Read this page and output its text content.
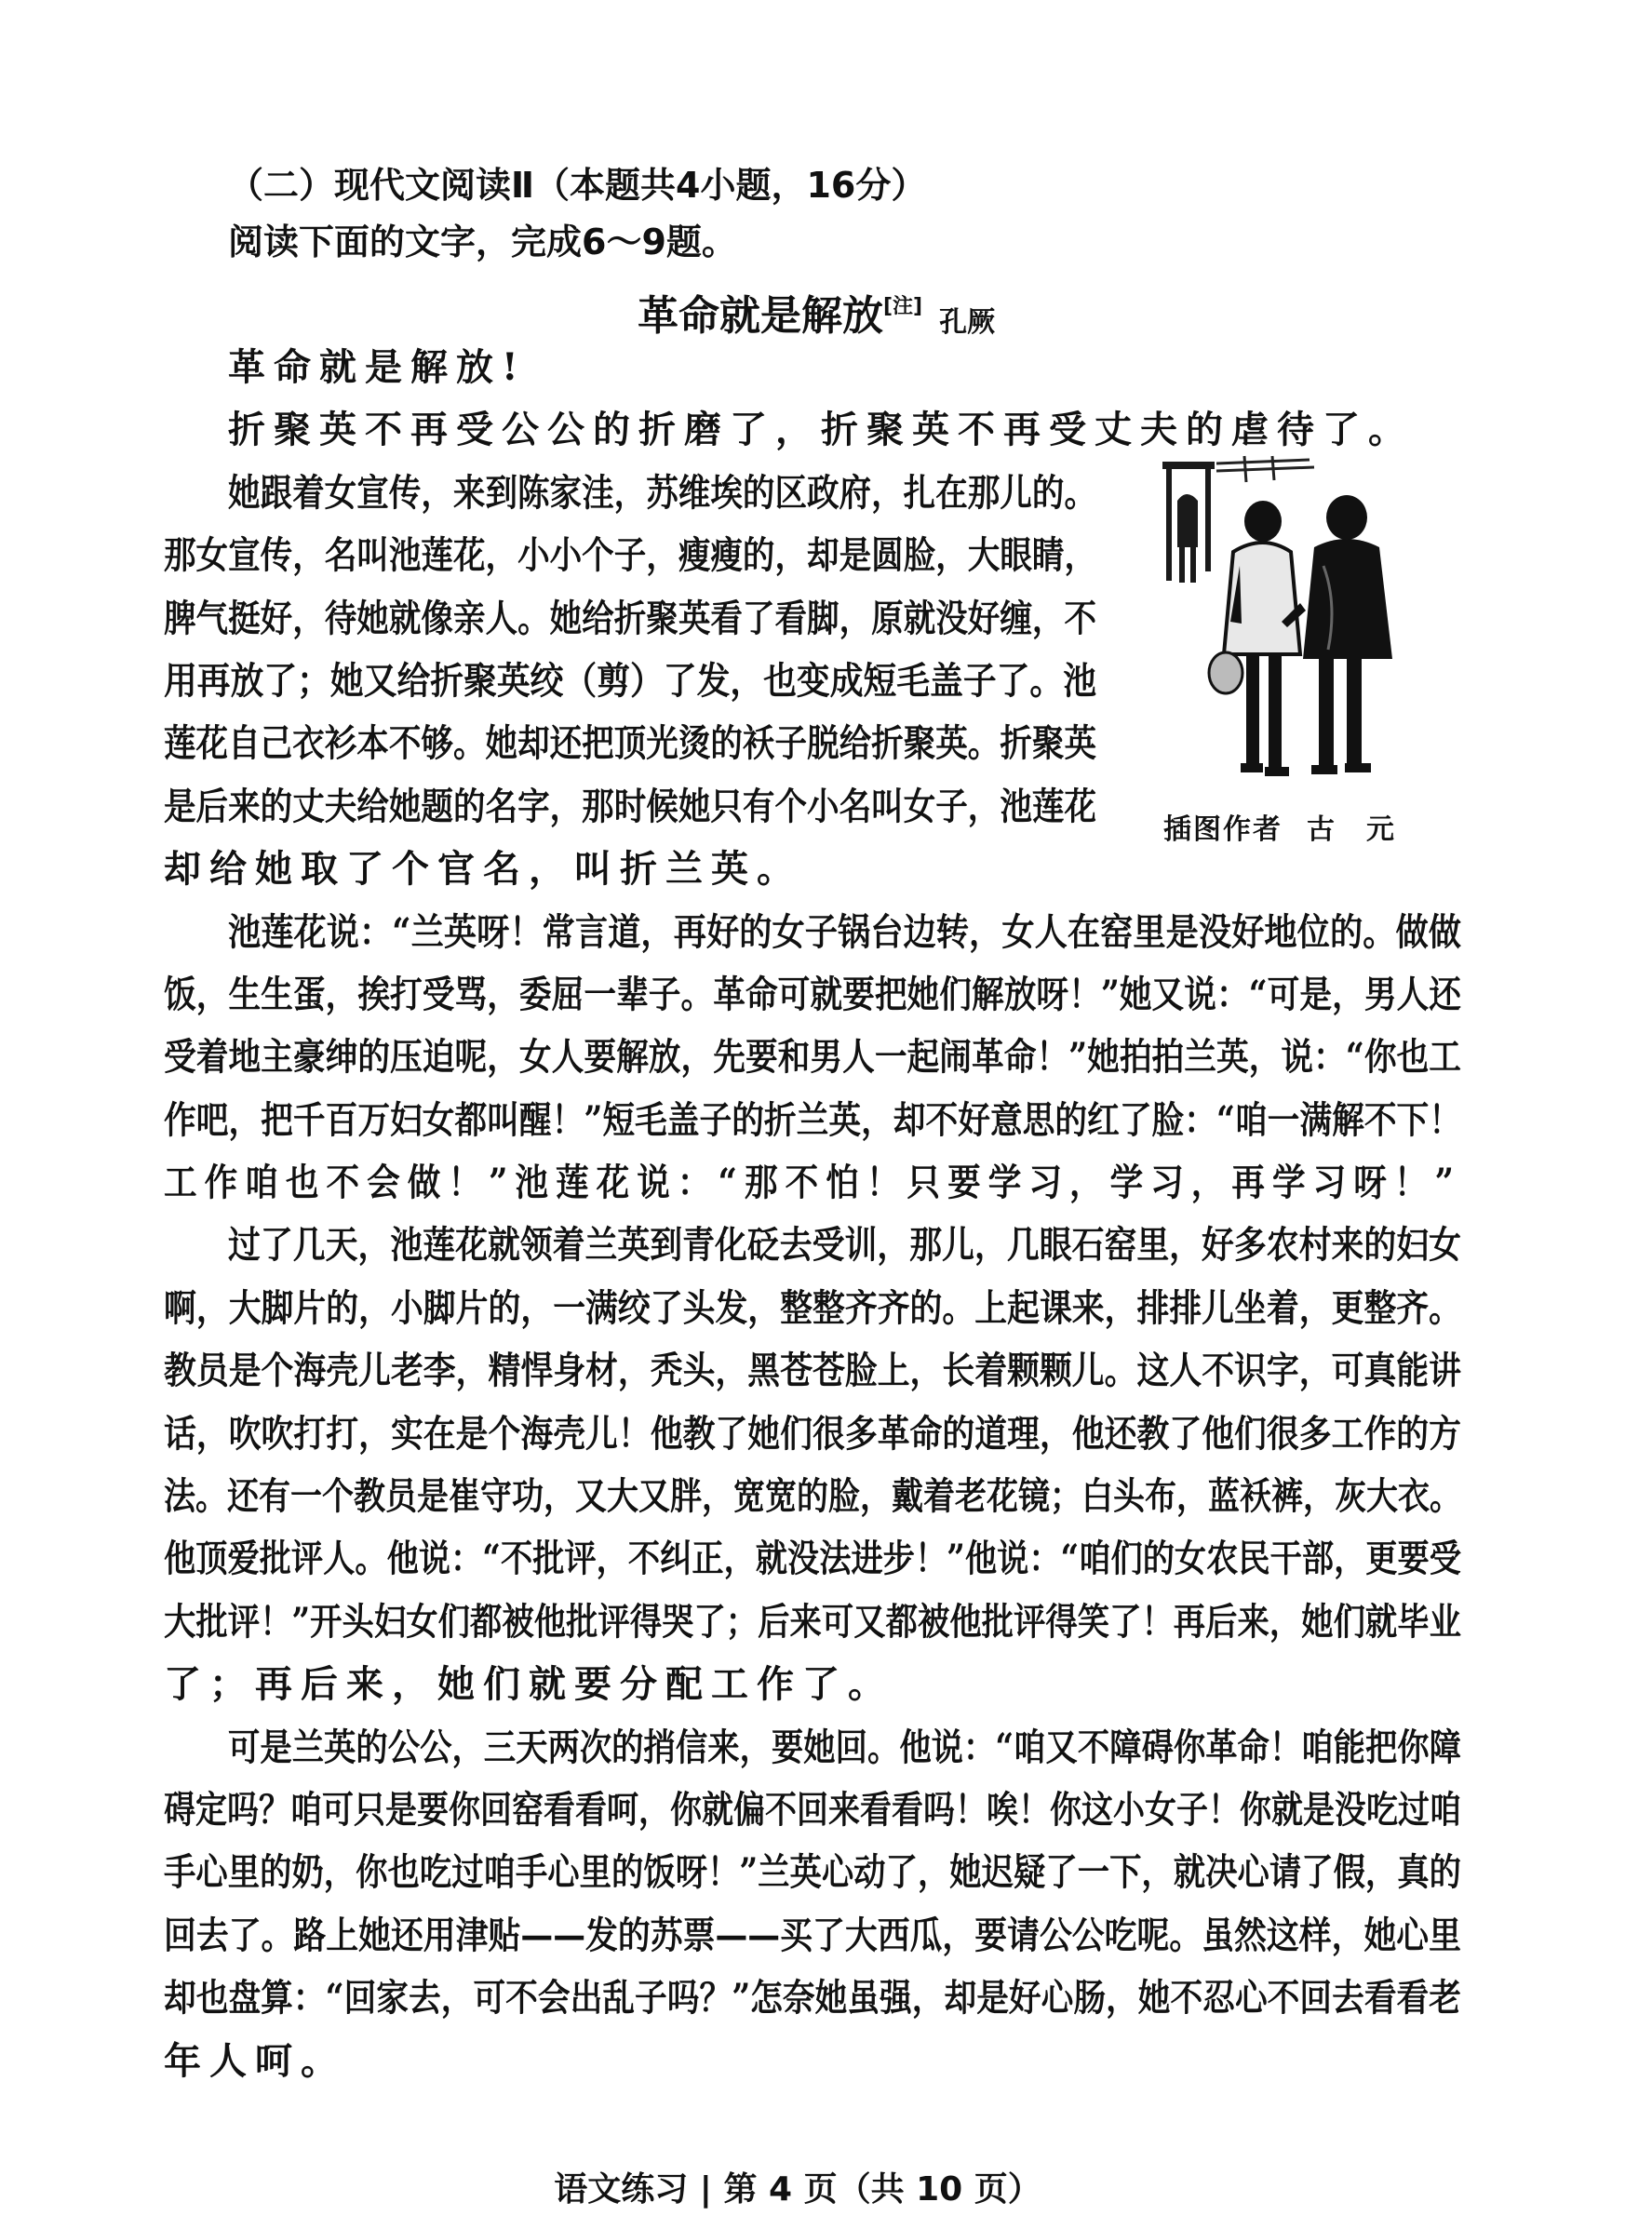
（二）现代文阅读Ⅱ（本题共4小题，16分）
阅读下面的文字，完成6～9题。
革命就是解放[注] 孔厥
革命就是解放!
折聚英不再受公公的折磨了，折聚英不再受丈夫的虐待了。
她跟着女宣传，来到陈家洼，苏维埃的区政府，扎在那儿的。
那女宣传，名叫池莲花，小小个子，瘦瘦的，却是圆脸，大眼睛，
脾气挺好，待她就像亲人。她给折聚英看了看脚，原就没好缠，不
用再放了；她又给折聚英绞（剪）了发，也变成短毛盖子了。池
莲花自己衣衫本不够。她却还把顶光烫的袄子脱给折聚英。折聚英
是后来的丈夫给她题的名字，那时候她只有个小名叫女子，池莲花
却给她取了个官名，叫折兰英。
池莲花说：“兰英呀！常言道，再好的女子锅台边转，女人在窑里是没好地位的。做做
饭，生生蛋，挨打受骂，委屈一辈子。革命可就要把她们解放呀！”她又说：“可是，男人还
受着地主豪绅的压迫呢，女人要解放，先要和男人一起闹革命！”她拍拍兰英，说：“你也工
作吧，把千百万妇女都叫醒！”短毛盖子的折兰英，却不好意思的红了脸：“咱一满解不下！
工作咱也不会做！”池莲花说：“那不怕！只要学习，学习，再学习呀！”
过了几天，池莲花就领着兰英到青化砭去受训，那儿，几眼石窑里，好多农村来的妇女
啊，大脚片的，小脚片的，一满绞了头发，整整齐齐的。上起课来，排排儿坐着，更整齐。
教员是个海壳儿老李，精悍身材，秃头，黑苍苍脸上，长着颗颗儿。这人不识字，可真能讲
话，吹吹打打，实在是个海壳儿！他教了她们很多革命的道理，他还教了他们很多工作的方
法。还有一个教员是崔守功，又大又胖，宽宽的脸，戴着老花镜；白头布，蓝袄裤，灰大衣。
他顶爱批评人。他说：“不批评，不纠正，就没法进步！”他说：“咱们的女农民干部，更要受
大批评！”开头妇女们都被他批评得哭了；后来可又都被他批评得笑了！再后来，她们就毕业
了；再后来，她们就要分配工作了。
可是兰英的公公，三天两次的捎信来，要她回。他说：“咱又不障碍你革命！咱能把你障
碍定吗？咱可只是要你回窑看看呵，你就偏不回来看看吗！唉！你这小女子！你就是没吃过咱
手心里的奶，你也吃过咱手心里的饭呀！”兰英心动了，她迟疑了一下，就决心请了假，真的
回去了。路上她还用津贴——发的苏票——买了大西瓜，要请公公吃呢。虽然这样，她心里
却也盘算：“回家去，可不会出乱子吗？”怎奈她虽强，却是好心肠，她不忍心不回去看看老
年人呵。
插图作者 古　元
语文练习 | 第 4 页（共 10 页）
